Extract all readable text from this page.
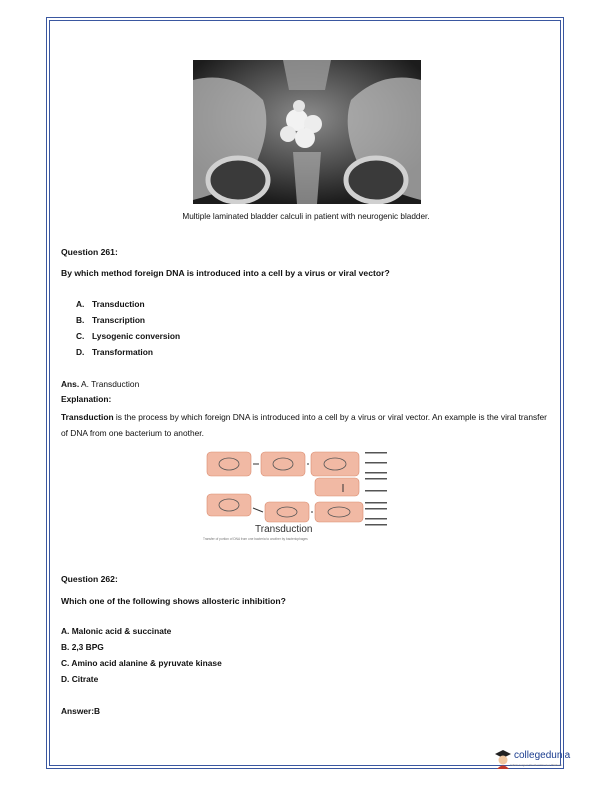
Multiple laminated bladder calculi in patient with neurogenic bladder.
Question 261:
By which method foreign DNA is introduced into a cell by a virus or viral vector?
A. Transduction
B. Transcription
C. Lysogenic conversion
D. Transformation
Ans. A. Transduction
Explanation:
Transduction is the process by which foreign DNA is introduced into a cell by a virus or viral vector. An example is the viral transfer of DNA from one bacterium to another.
Transduction
Transfer of portion of DNA from one bacteria to another by bacteriophages
Question 262:
Which one of the following shows allosteric inhibition?
A. Malonic acid & succinate
B. 2,3 BPG
C. Amino acid alanine & pyruvate kinase
D. Citrate
Answer:B
collegedunia
India's largest Student Review Platform
